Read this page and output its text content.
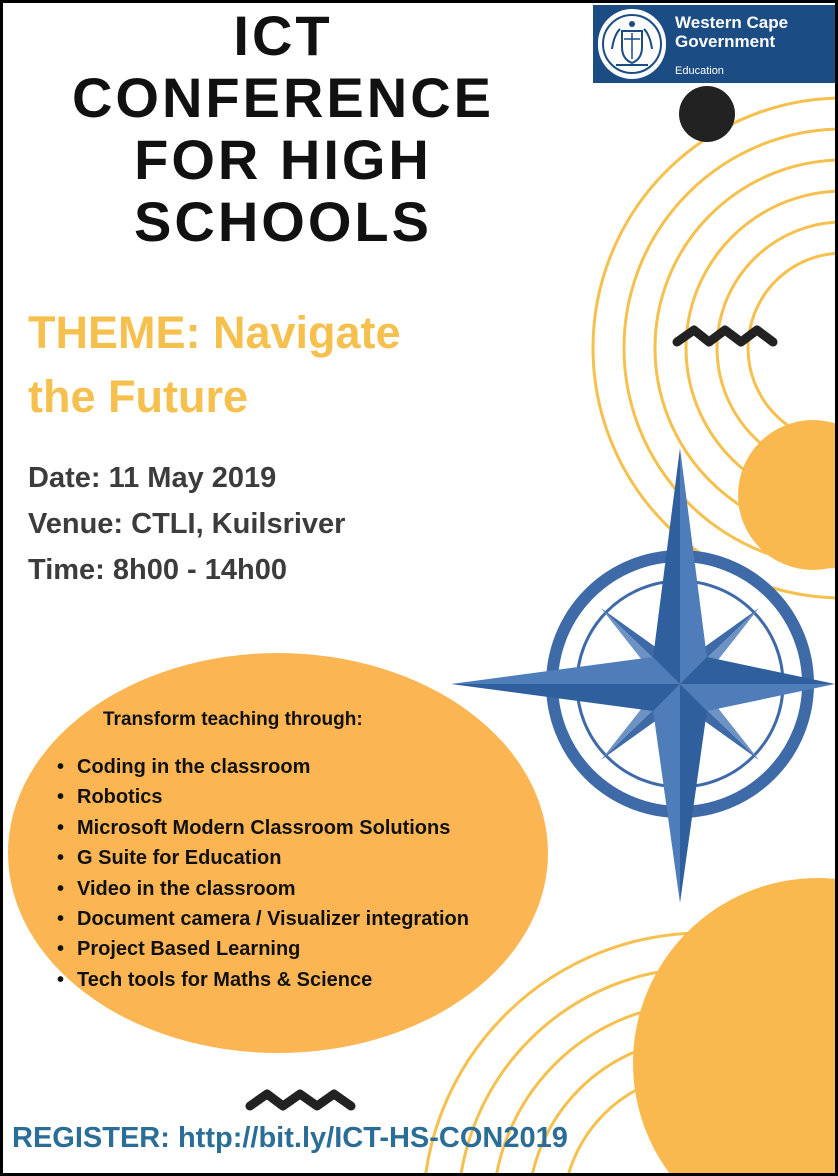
Western Cape
Government
Education
ICT
CONFERENCE
FOR HIGH
SCHOOLS
THEME: Navigate
the Future
Date: 11 May 2019
Venue: CTLI, Kuilsriver
Time: 8h00 - 14h00
Transform teaching through:
• Coding in the classroom
• Robotics
• Microsoft Modern Classroom Solutions
• G Suite for Education
• Video in the classroom
• Document camera / Visualizer integration
• Project Based Learning
• Tech tools for Maths & Science
REGISTER: http://bit.ly/ICT-HS-CON2019
